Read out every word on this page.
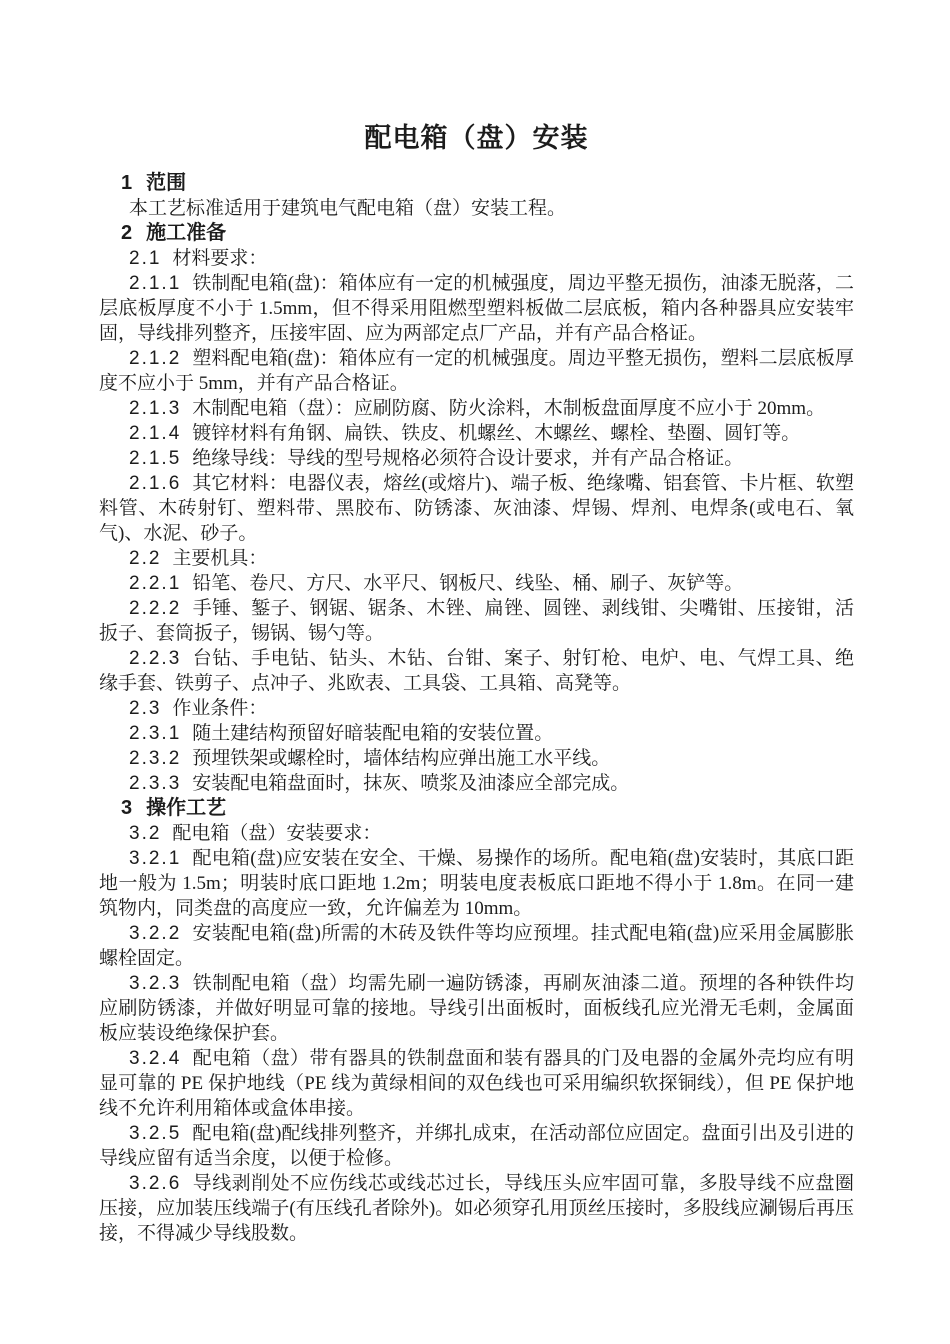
配电箱（盘）安装
1 范围

本工艺标准适用于建筑电气配电箱（盘）安装工程。

2 施工准备

2.1 材料要求：

2.1.1 铁制配电箱(盘)：箱体应有一定的机械强度，周边平整无损伤，油漆无脱落，二层底板厚度不小于 1.5mm，但不得采用阻燃型塑料板做二层底板，箱内各种器具应安装牢固，导线排列整齐，压接牢固、应为两部定点厂产品，并有产品合格证。

2.1.2 塑料配电箱(盘)：箱体应有一定的机械强度。周边平整无损伤，塑料二层底板厚度不应小于 5mm，并有产品合格证。

2.1.3 木制配电箱（盘）：应刷防腐、防火涂料，木制板盘面厚度不应小于 20mm。

2.1.4 镀锌材料有角钢、扁铁、铁皮、机螺丝、木螺丝、螺栓、垫圈、圆钉等。

2.1.5 绝缘导线：导线的型号规格必须符合设计要求，并有产品合格证。

2.1.6 其它材料：电器仪表，熔丝(或熔片)、端子板、绝缘嘴、铝套管、卡片框、软塑料管、木砖射钉、塑料带、黑胶布、防锈漆、灰油漆、焊锡、焊剂、电焊条(或电石、氧气)、水泥、砂子。

2.2 主要机具：

2.2.1 铅笔、卷尺、方尺、水平尺、钢板尺、线坠、桶、刷子、灰铲等。

2.2.2 手锤、錾子、钢锯、锯条、木锉、扁锉、圆锉、剥线钳、尖嘴钳、压接钳，活扳子、套筒扳子，锡锅、锡勺等。

2.2.3 台钻、手电钻、钻头、木钻、台钳、案子、射钉枪、电炉、电、气焊工具、绝缘手套、铁剪子、点冲子、兆欧表、工具袋、工具箱、高凳等。

2.3 作业条件：

2.3.1 随土建结构预留好暗装配电箱的安装位置。

2.3.2 预埋铁架或螺栓时，墙体结构应弹出施工水平线。

2.3.3 安装配电箱盘面时，抹灰、喷浆及油漆应全部完成。

3 操作工艺

3.2 配电箱（盘）安装要求：

3.2.1 配电箱(盘)应安装在安全、干燥、易操作的场所。配电箱(盘)安装时，其底口距地一般为 1.5m；明装时底口距地 1.2m；明装电度表板底口距地不得小于 1.8m。在同一建筑物内，同类盘的高度应一致，允许偏差为 10mm。

3.2.2 安装配电箱(盘)所需的木砖及铁件等均应预埋。挂式配电箱(盘)应采用金属膨胀螺栓固定。

3.2.3 铁制配电箱（盘）均需先刷一遍防锈漆，再刷灰油漆二道。预埋的各种铁件均应刷防锈漆，并做好明显可靠的接地。导线引出面板时，面板线孔应光滑无毛刺，金属面板应装设绝缘保护套。

3.2.4 配电箱（盘）带有器具的铁制盘面和装有器具的门及电器的金属外壳均应有明显可靠的 PE 保护地线（PE 线为黄绿相间的双色线也可采用编织软探铜线），但 PE 保护地线不允许利用箱体或盒体串接。

3.2.5 配电箱(盘)配线排列整齐，并绑扎成束，在活动部位应固定。盘面引出及引进的导线应留有适当余度，以便于检修。

3.2.6 导线剥削处不应伤线芯或线芯过长，导线压头应牢固可靠，多股导线不应盘圈压接，应加装压线端子(有压线孔者除外)。如必须穿孔用顶丝压接时，多股线应涮锡后再压接，不得减少导线股数。
